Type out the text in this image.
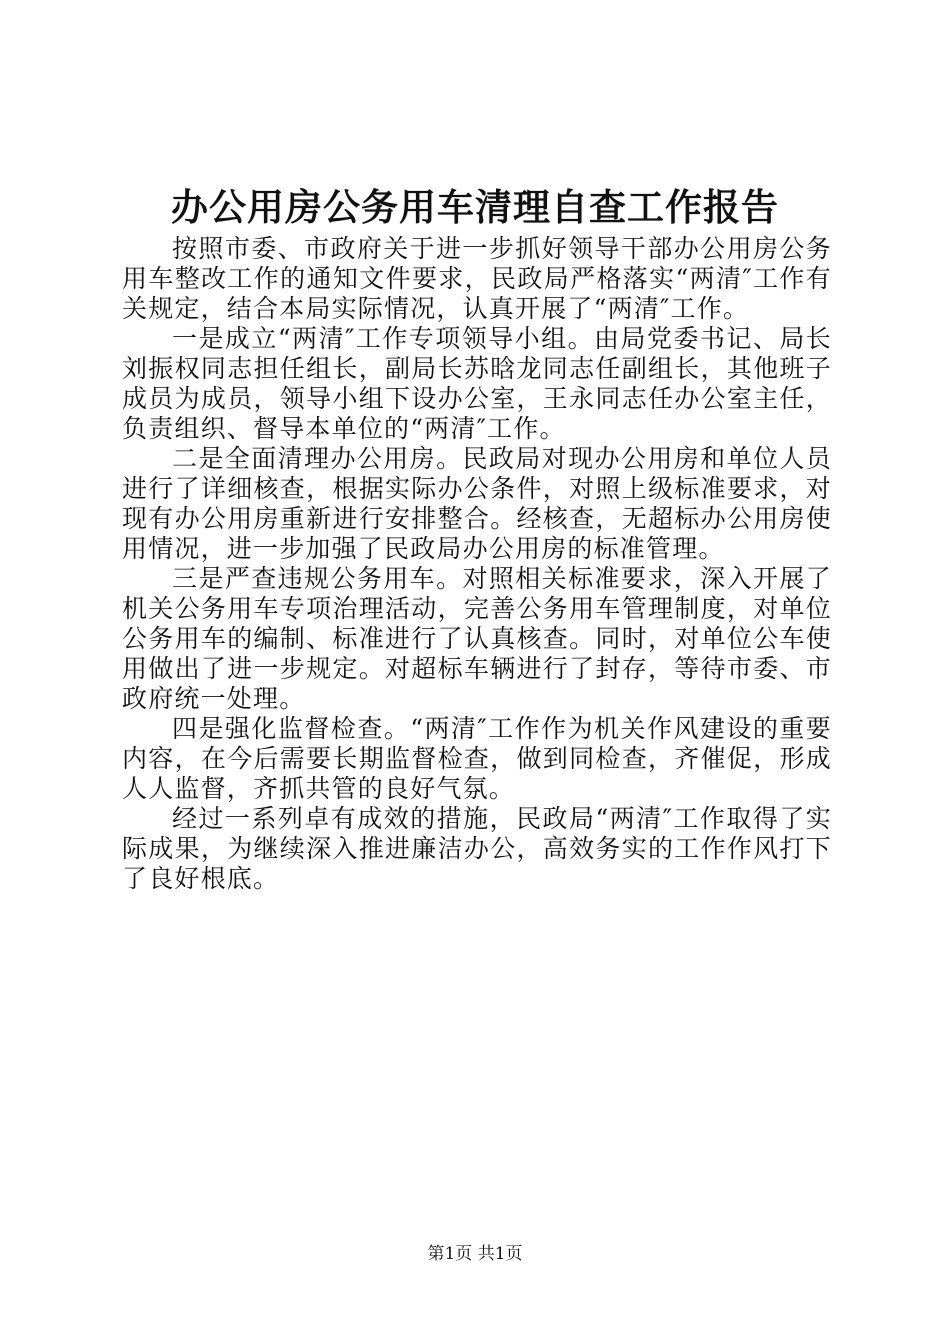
办公用房公务用车清理自查工作报告

按照市委、市政府关于进一步抓好领导干部办公用房公务用车整改工作的通知文件要求，民政局严格落实“两清″工作有关规定，结合本局实际情况，认真开展了“两清″工作。

一是成立“两清″工作专项领导小组。由局党委书记、局长刘振权同志担任组长，副局长苏晗龙同志任副组长，其他班子成员为成员，领导小组下设办公室，王永同志任办公室主任，负责组织、督导本单位的“两清″工作。

二是全面清理办公用房。民政局对现办公用房和单位人员进行了详细核查，根据实际办公条件，对照上级标准要求，对现有办公用房重新进行安排整合。经核查，无超标办公用房使用情况，进一步加强了民政局办公用房的标准管理。

三是严查违规公务用车。对照相关标准要求，深入开展了机关公务用车专项治理活动，完善公务用车管理制度，对单位公务用车的编制、标准进行了认真核查。同时，对单位公车使用做出了进一步规定。对超标车辆进行了封存，等待市委、市政府统一处理。

四是强化监督检查。“两清″工作作为机关作风建设的重要内容，在今后需要长期监督检查，做到同检查，齐催促，形成人人监督，齐抓共管的良好气氛。

经过一系列卓有成效的措施，民政局“两清″工作取得了实际成果，为继续深入推进廉洁办公，高效务实的工作作风打下了良好根底。

第1页 共1页
